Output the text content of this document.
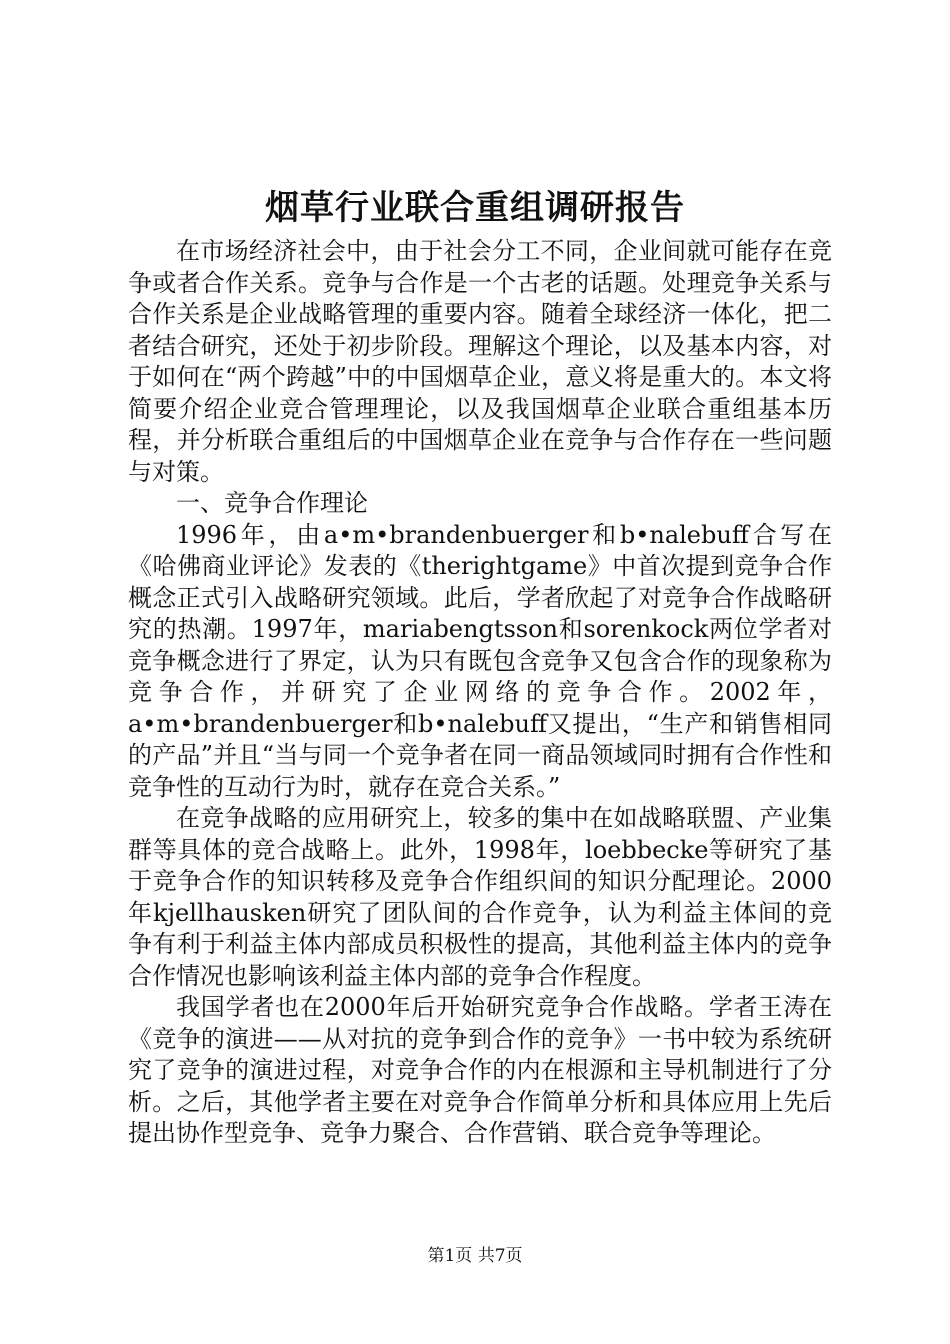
烟草行业联合重组调研报告

在市场经济社会中，由于社会分工不同，企业间就可能存在竞争或者合作关系。竞争与合作是一个古老的话题。处理竞争关系与合作关系是企业战略管理的重要内容。随着全球经济一体化，把二者结合研究，还处于初步阶段。理解这个理论，以及基本内容，对于如何在“两个跨越”中的中国烟草企业，意义将是重大的。本文将简要介绍企业竞合管理理论，以及我国烟草企业联合重组基本历程，并分析联合重组后的中国烟草企业在竞争与合作存在一些问题与对策。

一、竞争合作理论

1996年，由a•m•brandenbuerger和b•nalebuff合写在《哈佛商业评论》发表的《therightgame》中首次提到竞争合作概念正式引入战略研究领域。此后，学者欣起了对竞争合作战略研究的热潮。1997年，mariabengtsson和sorenkock两位学者对竞争概念进行了界定，认为只有既包含竞争又包含合作的现象称为竞争合作，并研究了企业网络的竞争合作。2002年，a•m•brandenbuerger和b•nalebuff又提出，“生产和销售相同的产品”并且“当与同一个竞争者在同一商品领域同时拥有合作性和竞争性的互动行为时，就存在竞合关系。”

在竞争战略的应用研究上，较多的集中在如战略联盟、产业集群等具体的竞合战略上。此外，1998年，loebbecke等研究了基于竞争合作的知识转移及竞争合作组织间的知识分配理论。2000年kjellhausken研究了团队间的合作竞争，认为利益主体间的竞争有利于利益主体内部成员积极性的提高，其他利益主体内的竞争合作情况也影响该利益主体内部的竞争合作程度。

我国学者也在2000年后开始研究竞争合作战略。学者王涛在《竞争的演进——从对抗的竞争到合作的竞争》一书中较为系统研究了竞争的演进过程，对竞争合作的内在根源和主导机制进行了分析。之后，其他学者主要在对竞争合作简单分析和具体应用上先后提出协作型竞争、竞争力聚合、合作营销、联合竞争等理论。

第1页 共7页
